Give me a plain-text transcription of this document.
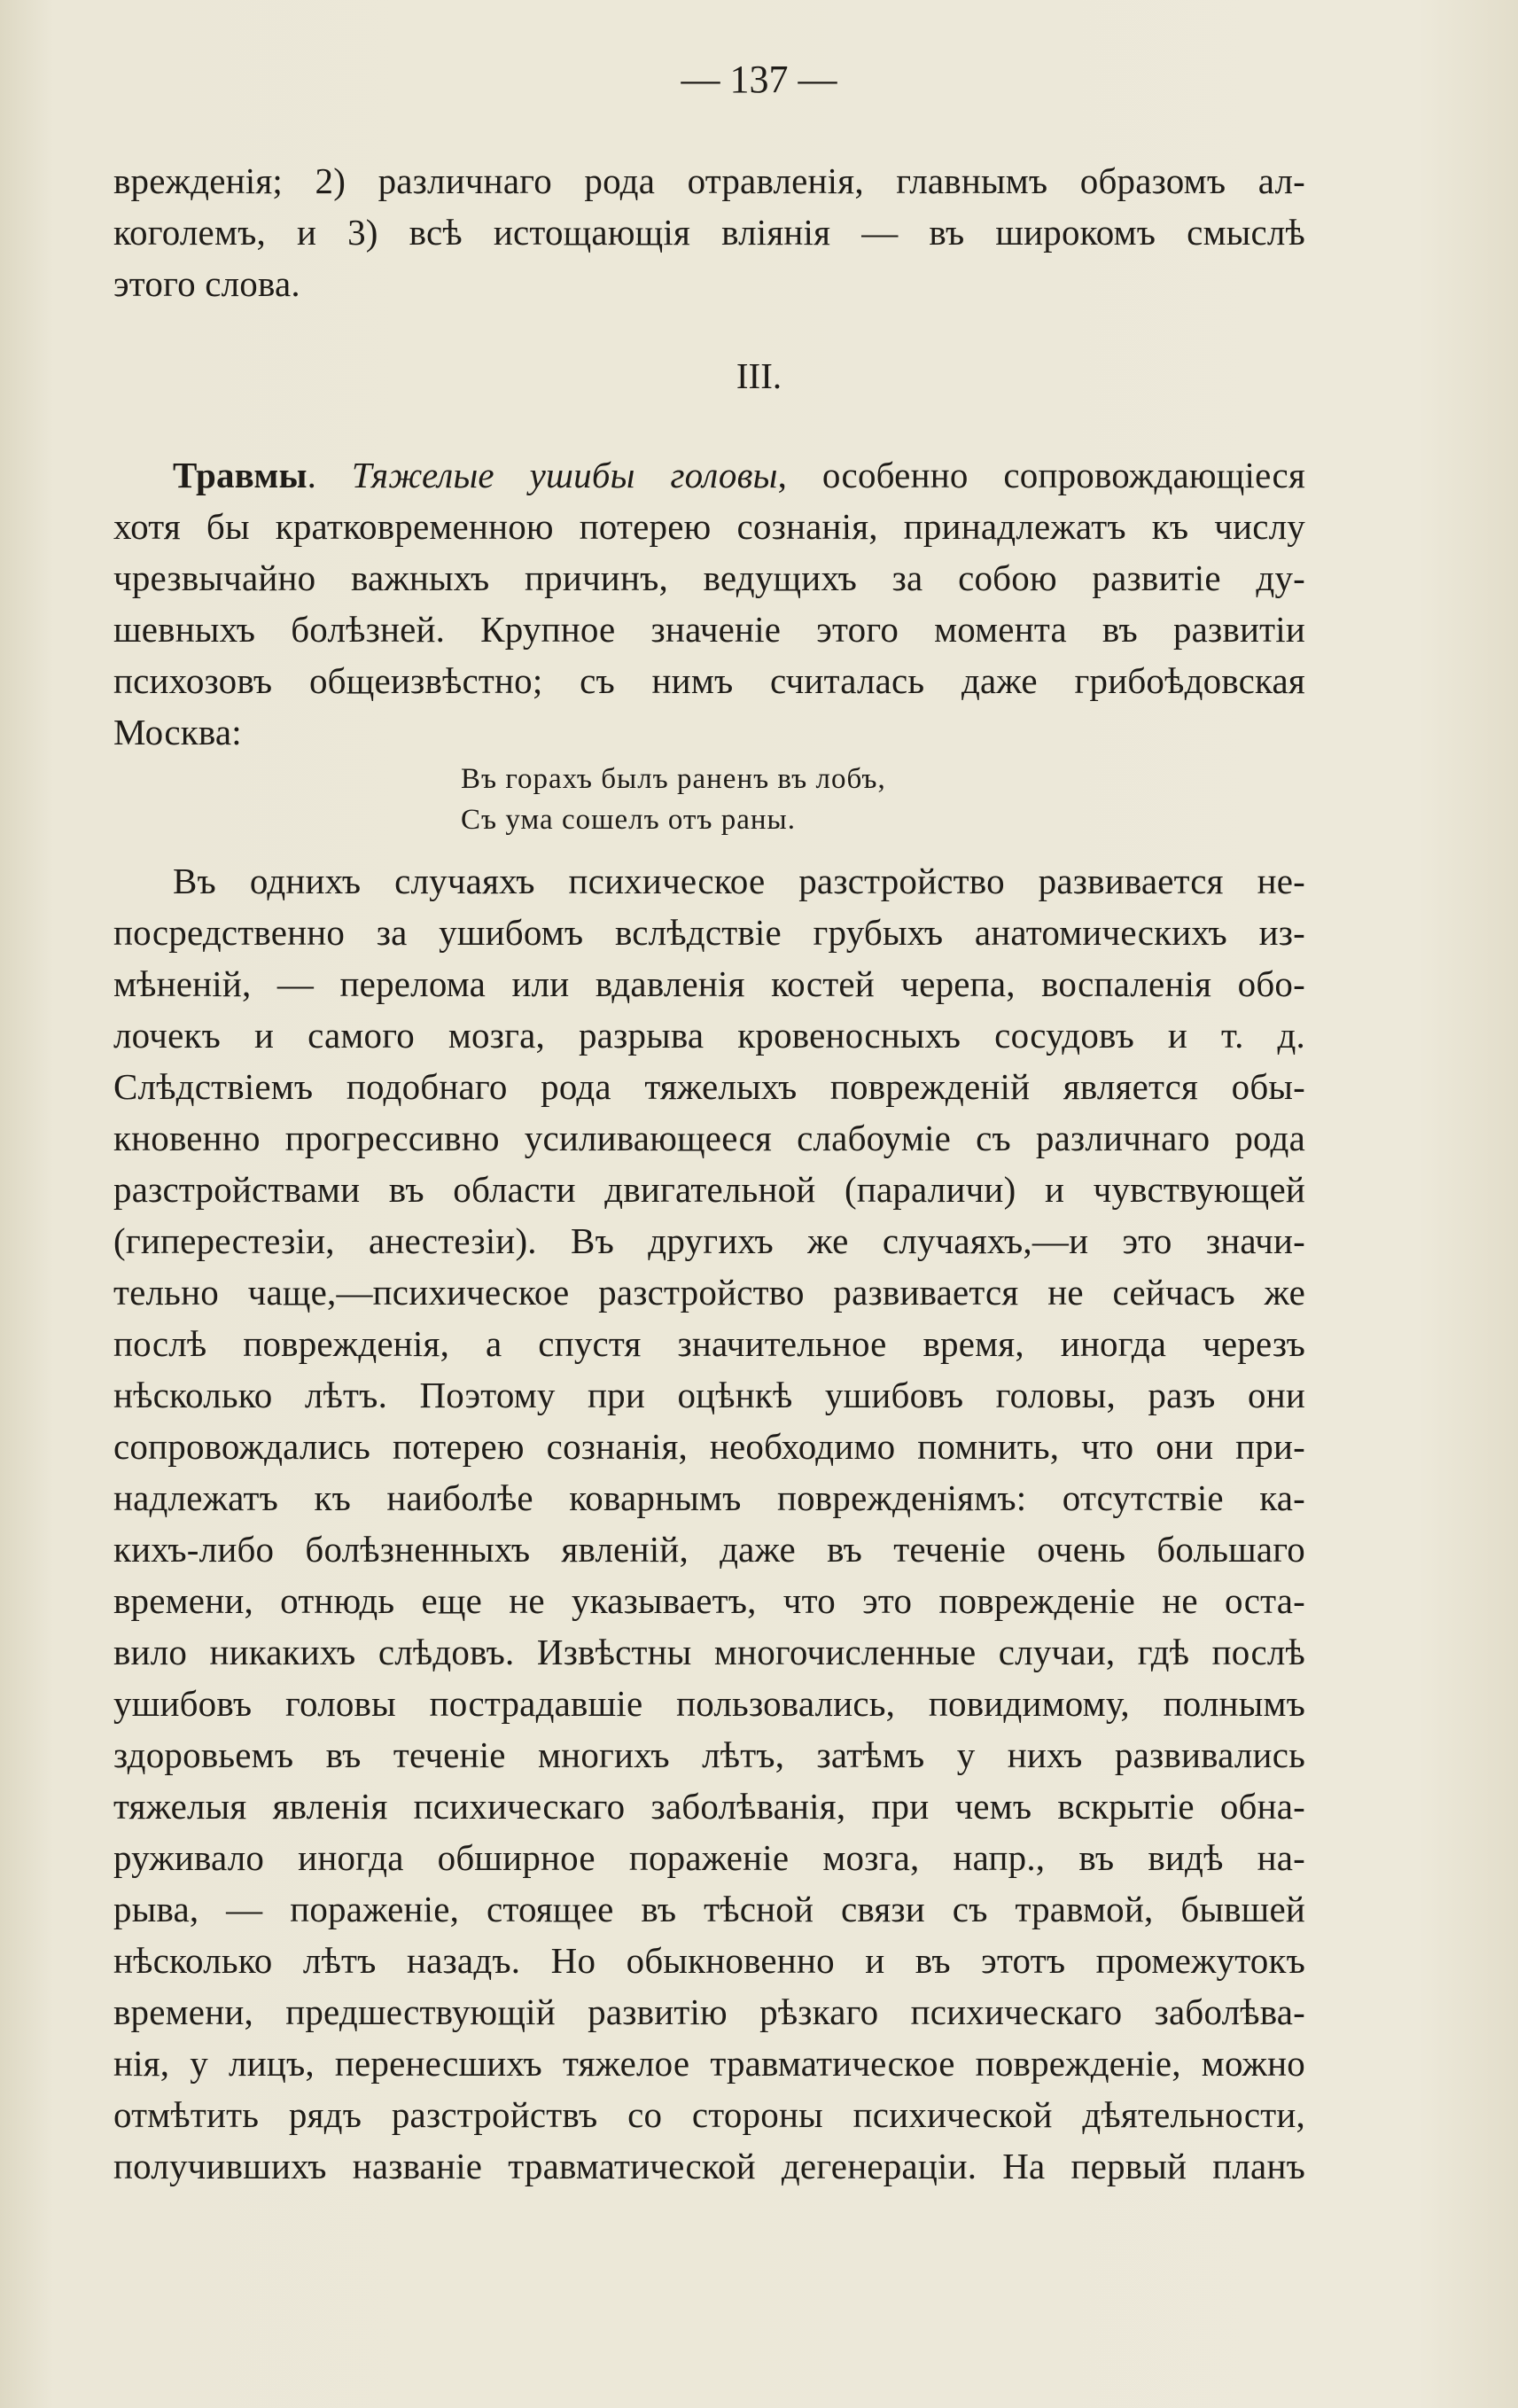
— 137 —
врежденія; 2) различнаго рода отравленія, главнымъ образомъ ал-
коголемъ, и 3) всѣ истощающія вліянія — въ широкомъ смыслѣ
этого слова.
III.
Травмы. Тяжелые ушибы головы, особенно сопровождающіеся
хотя бы кратковременною потерею сознанія, принадлежатъ къ числу
чрезвычайно важныхъ причинъ, ведущихъ за собою развитіе ду-
шевныхъ болѣзней. Крупное значеніе этого момента въ развитіи
психозовъ общеизвѣстно; съ нимъ считалась даже грибоѣдовская
Москва:
Въ горахъ былъ раненъ въ лобъ,
Съ ума сошелъ отъ раны.
Въ однихъ случаяхъ психическое разстройство развивается не-
посредственно за ушибомъ вслѣдствіе грубыхъ анатомическихъ из-
мѣненій, — перелома или вдавленія костей черепа, воспаленія обо-
лочекъ и самого мозга, разрыва кровеносныхъ сосудовъ и т. д.
Слѣдствіемъ подобнаго рода тяжелыхъ поврежденій является обы-
кновенно прогрессивно усиливающееся слабоуміе съ различнаго рода
разстройствами въ области двигательной (параличи) и чувствующей
(гиперестезіи, анестезіи). Въ другихъ же случаяхъ,—и это значи-
тельно чаще,—психическое разстройство развивается не сейчасъ же
послѣ поврежденія, а спустя значительное время, иногда черезъ
нѣсколько лѣтъ. Поэтому при оцѣнкѣ ушибовъ головы, разъ они
сопровождались потерею сознанія, необходимо помнить, что они при-
надлежатъ къ наиболѣе коварнымъ поврежденіямъ: отсутствіе ка-
кихъ-либо болѣзненныхъ явленій, даже въ теченіе очень большаго
времени, отнюдь еще не указываетъ, что это поврежденіе не оста-
вило никакихъ слѣдовъ. Извѣстны многочисленные случаи, гдѣ послѣ
ушибовъ головы пострадавшіе пользовались, повидимому, полнымъ
здоровьемъ въ теченіе многихъ лѣтъ, затѣмъ у нихъ развивались
тяжелыя явленія психическаго заболѣванія, при чемъ вскрытіе обна-
руживало иногда обширное пораженіе мозга, напр., въ видѣ на-
рыва, — пораженіе, стоящее въ тѣсной связи съ травмой, бывшей
нѣсколько лѣтъ назадъ. Но обыкновенно и въ этотъ промежутокъ
времени, предшествующій развитію рѣзкаго психическаго заболѣва-
нія, у лицъ, перенесшихъ тяжелое травматическое поврежденіе, можно
отмѣтить рядъ разстройствъ со стороны психической дѣятельности,
получившихъ названіе травматической дегенераціи. На первый планъ
